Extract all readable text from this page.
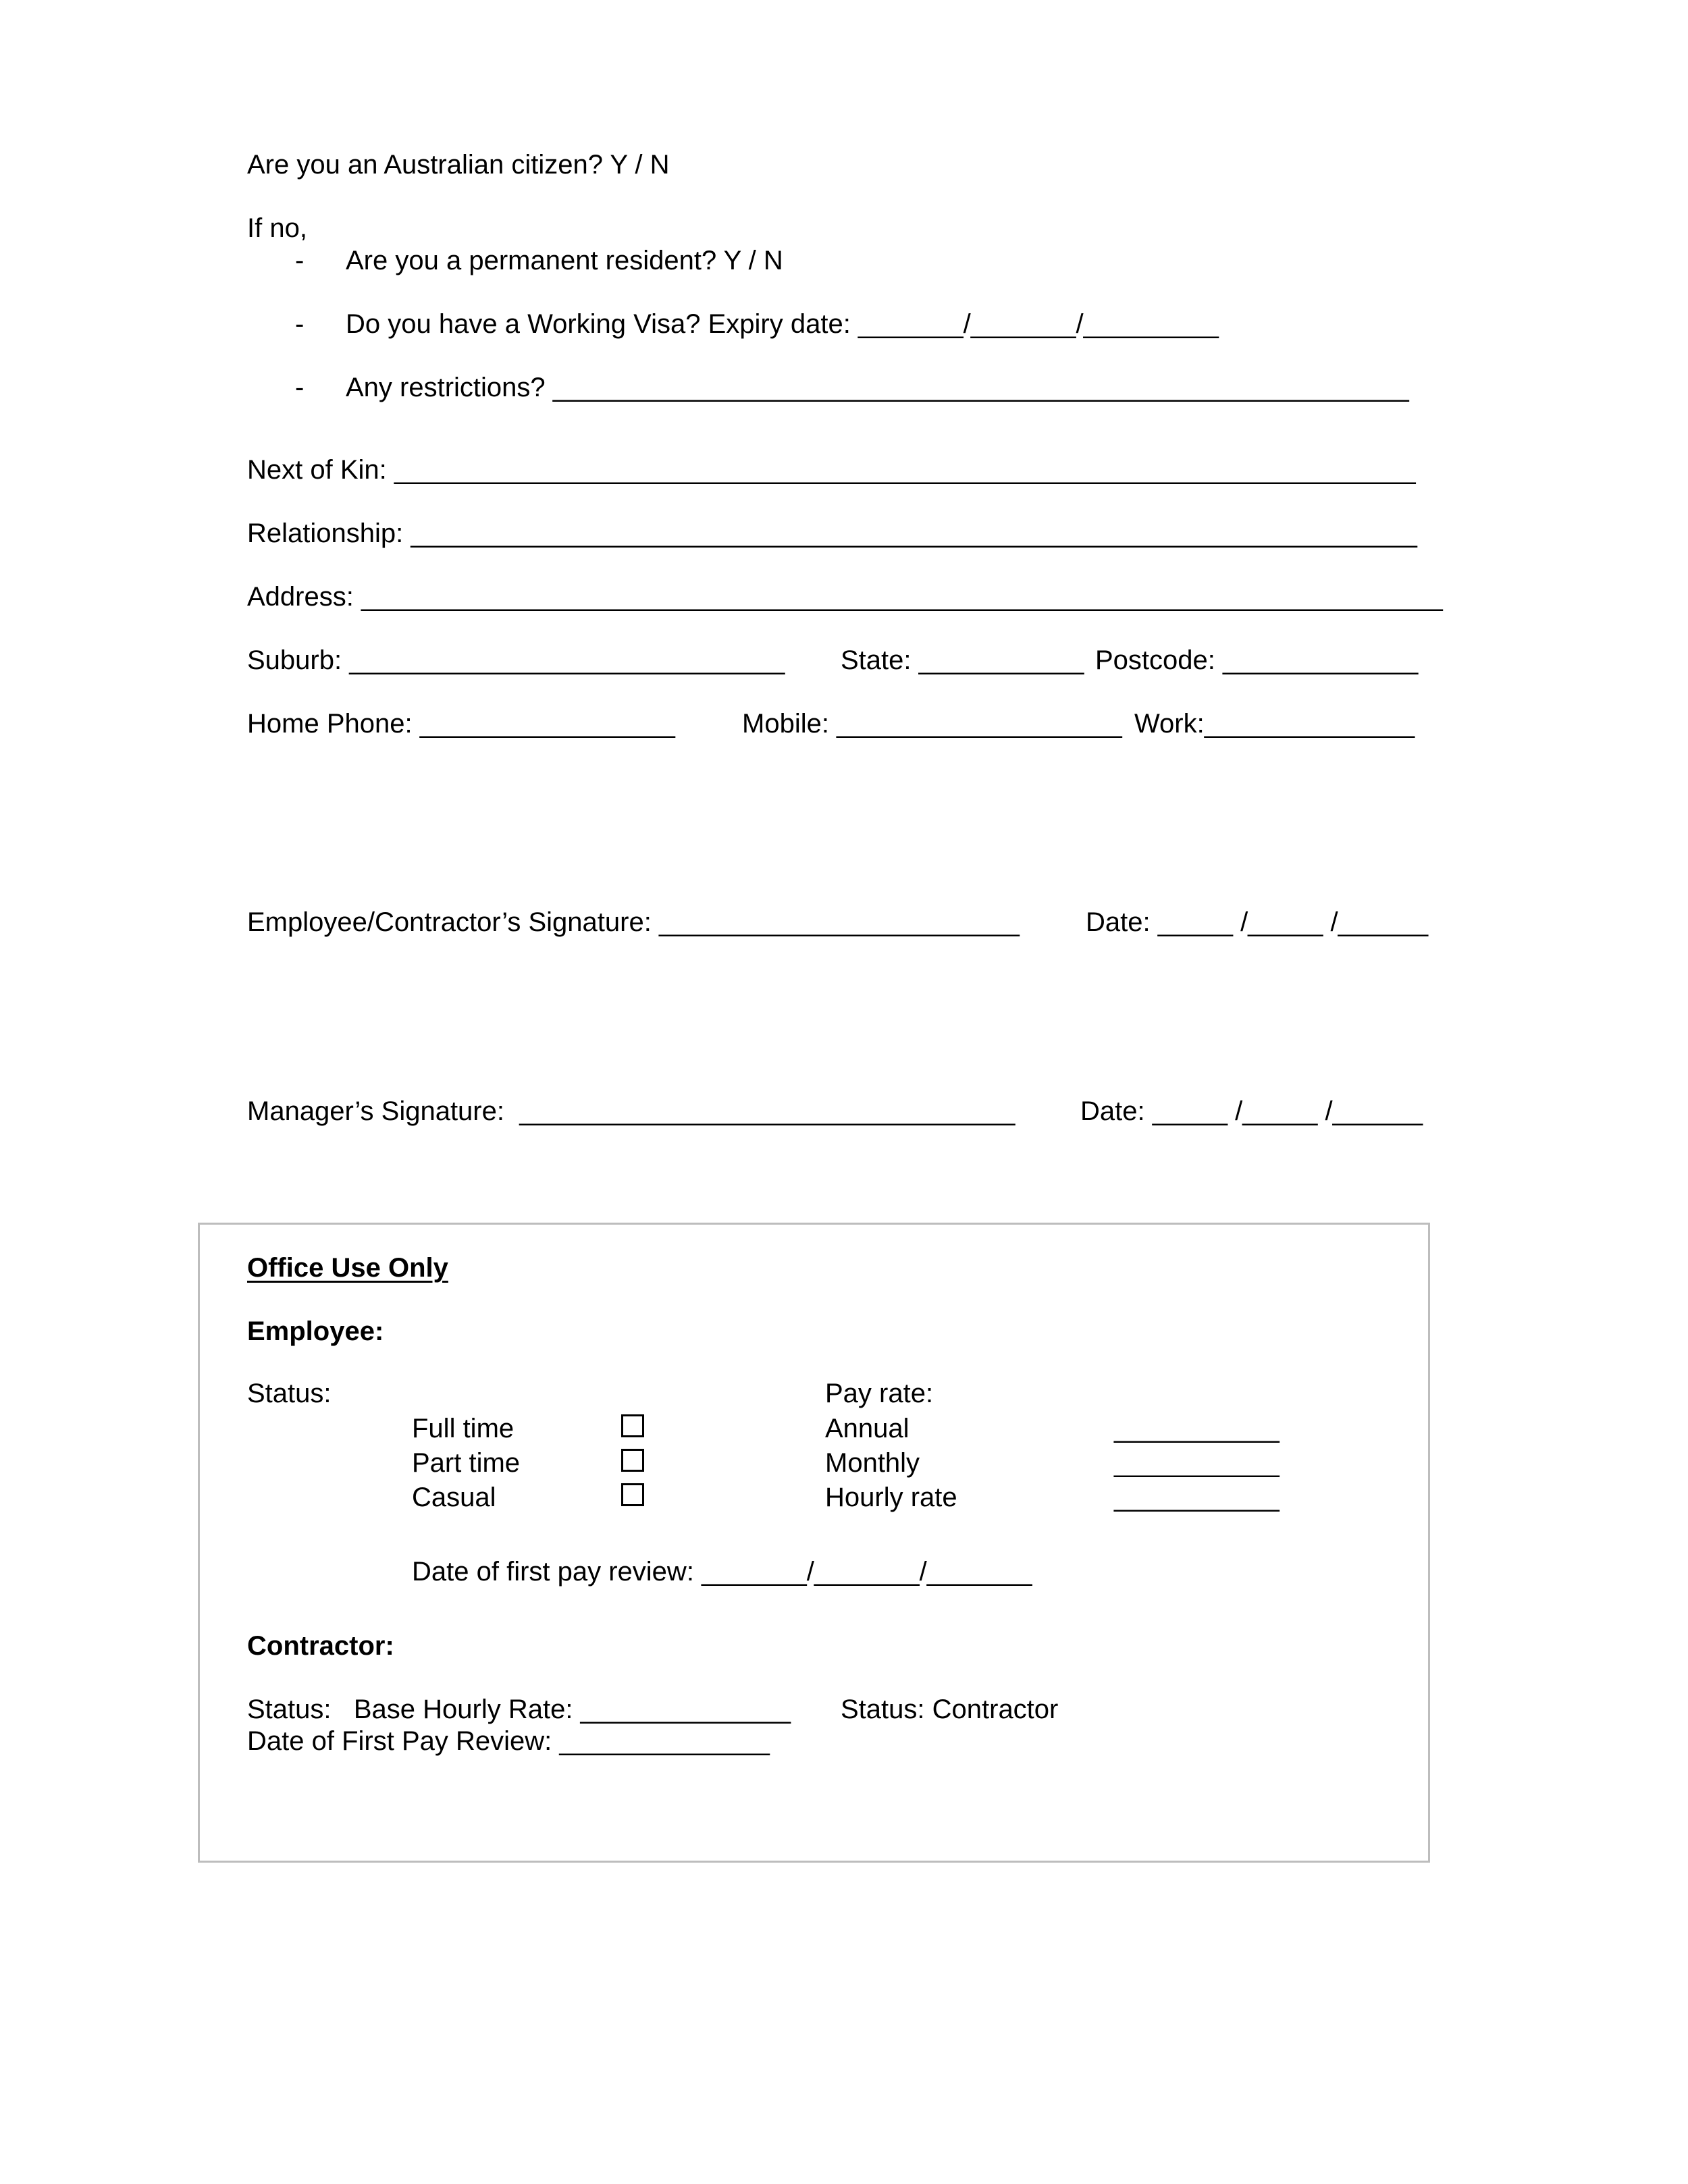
Are you an Australian citizen? Y / N
If no,
- Are you a permanent resident? Y / N
- Do you have a Working Visa? Expiry date: _______/_______/_________
- Any restrictions? _________________________________________________________
Next of Kin: ____________________________________________________________________
Relationship: ___________________________________________________________________
Address: ________________________________________________________________________
Suburb: _____________________________ State: ___________ Postcode: _____________
Home Phone: _________________ Mobile: ___________________ Work:______________
Employee/Contractor’s Signature: ________________________ Date: _____ /_____ /______
Manager’s Signature:  _________________________________ Date: _____ /_____ /______
Office Use Only
Employee:
Status:	Pay rate:
Full time	Annual	___________
Part time	Monthly	___________
Casual	Hourly rate	___________
Date of first pay review: _______/_______/_______
Contractor:
Status:   Base Hourly Rate: ______________ Status: Contractor
Date of First Pay Review: ______________
